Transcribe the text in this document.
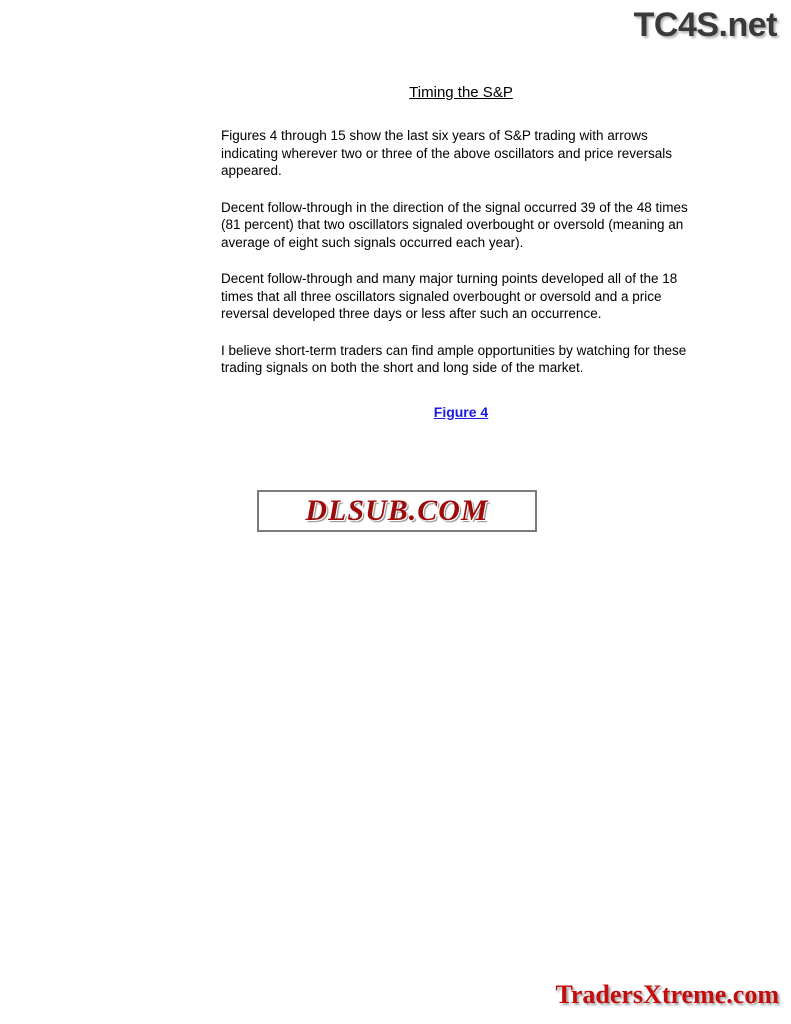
TC4S.net
Timing the S&P

Figures 4 through 15 show the last six years of S&P trading with arrows indicating wherever two or three of the above oscillators and price reversals appeared.

Decent follow-through in the direction of the signal occurred 39 of the 48 times (81 percent) that two oscillators signaled overbought or oversold (meaning an average of eight such signals occurred each year).

Decent follow-through and many major turning points developed all of the 18 times that all three oscillators signaled overbought or oversold and a price reversal developed three days or less after such an occurrence.

I believe short-term traders can find ample opportunities by watching for these trading signals on both the short and long side of the market.

Figure 4
DLSUB.COM
TradersXtreme.com
